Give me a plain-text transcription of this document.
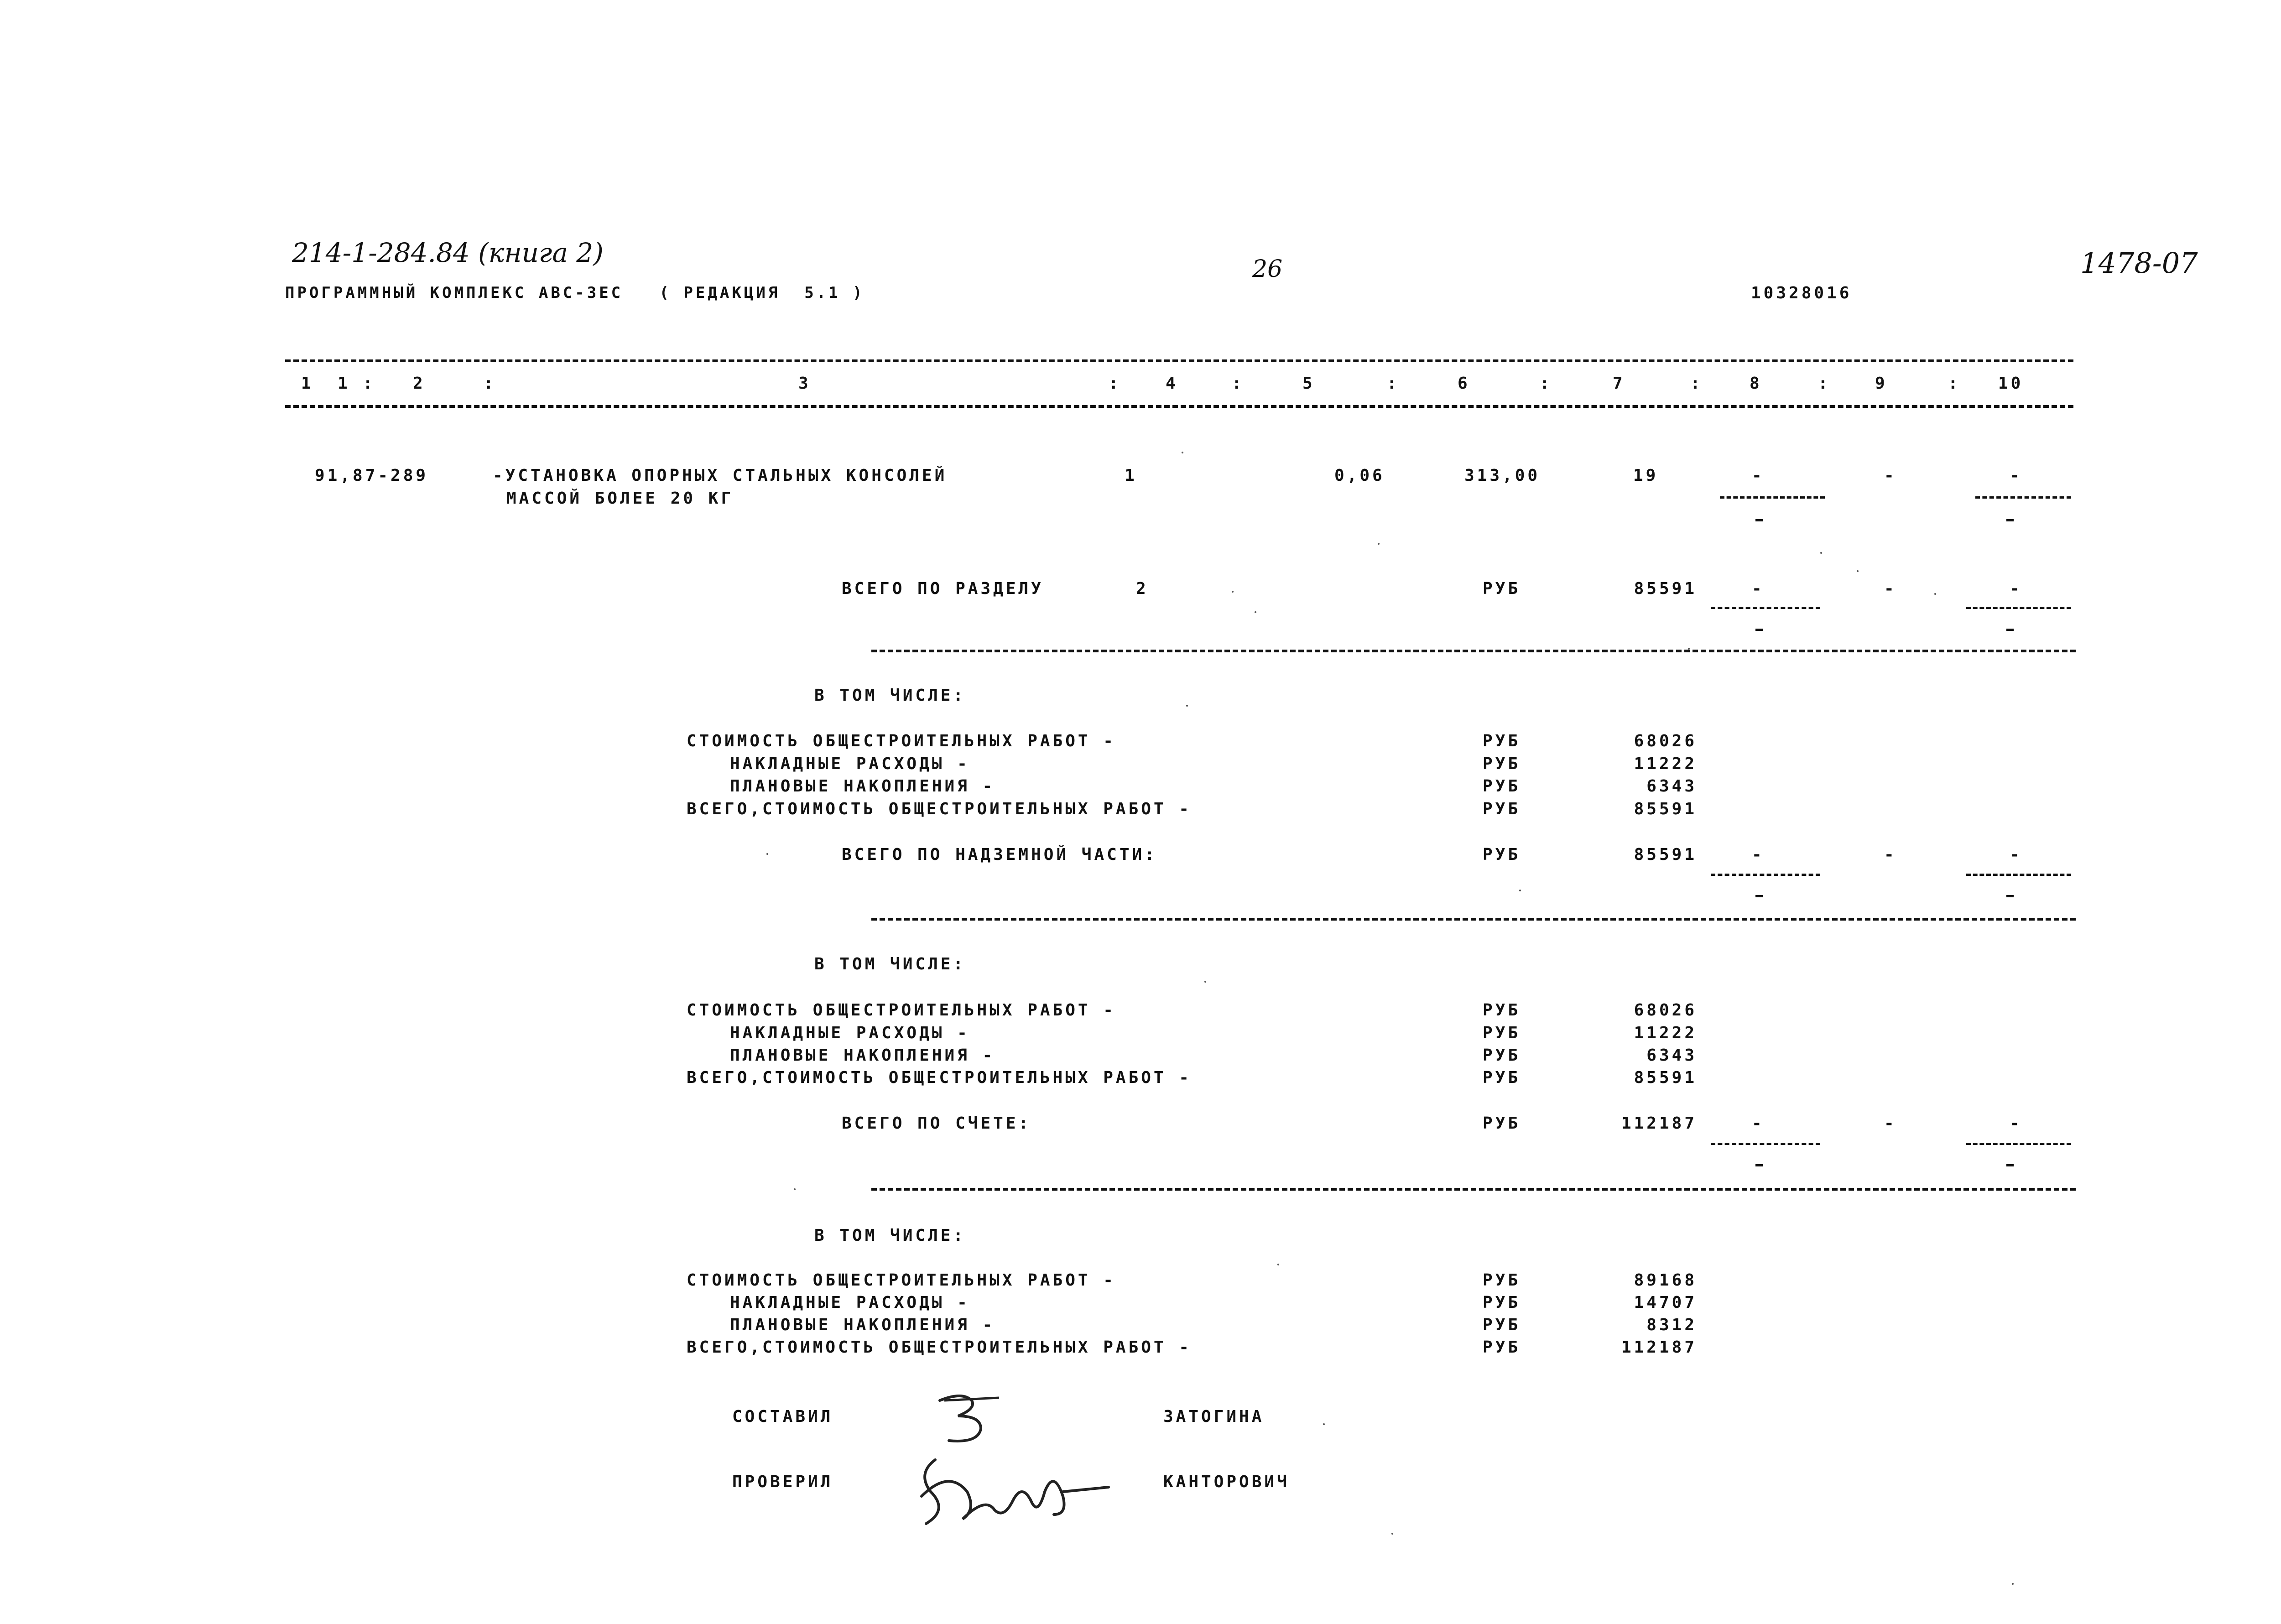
214-1-284.84 (книга 2)
ПРОГРАММНЫЙ КОМПЛЕКС АВС-ЗЕС   ( РЕДАКЦИЯ  5.1 )
26
10328016
1478-07
1 1 : 2	:	3	:	4	:	5	:	6	:	7	:	8	:	9	: 10
91,87-289	-УСТАНОВКА ОПОРНЫХ СТАЛЬНЫХ КОНСОЛЕЙ
МАССОЙ БОЛЕЕ 20 КГ
1	0,06	313,00	19	-	-	-
ВСЕГО ПО РАЗДЕЛУ	2	РУБ	85591	-	-	-
В ТОМ ЧИСЛЕ:
СТОИМОСТЬ ОБЩЕСТРОИТЕЛЬНЫХ РАБОТ -	РУБ	68026
НАКЛАДНЫЕ РАСХОДЫ -	РУБ	11222
ПЛАНОВЫЕ НАКОПЛЕНИЯ -	РУБ	6343
ВСЕГО,СТОИМОСТЬ ОБЩЕСТРОИТЕЛЬНЫХ РАБОТ -	РУБ	85591
ВСЕГО ПО НАДЗЕМНОЙ ЧАСТИ:	РУБ	85591	-	-	-
В ТОМ ЧИСЛЕ:
СТОИМОСТЬ ОБЩЕСТРОИТЕЛЬНЫХ РАБОТ -	РУБ	68026
НАКЛАДНЫЕ РАСХОДЫ -	РУБ	11222
ПЛАНОВЫЕ НАКОПЛЕНИЯ -	РУБ	6343
ВСЕГО,СТОИМОСТЬ ОБЩЕСТРОИТЕЛЬНЫХ РАБОТ -	РУБ	85591
ВСЕГО ПО СЧЕТЕ:	РУБ	112187	-	-	-
В ТОМ ЧИСЛЕ:
СТОИМОСТЬ ОБЩЕСТРОИТЕЛЬНЫХ РАБОТ -	РУБ	89168
НАКЛАДНЫЕ РАСХОДЫ -	РУБ	14707
ПЛАНОВЫЕ НАКОПЛЕНИЯ -	РУБ	8312
ВСЕГО,СТОИМОСТЬ ОБЩЕСТРОИТЕЛЬНЫХ РАБОТ -	РУБ	112187
СОСТАВИЛ	ЗАТОГИНА
ПРОВЕРИЛ	КАНТОРОВИЧ
